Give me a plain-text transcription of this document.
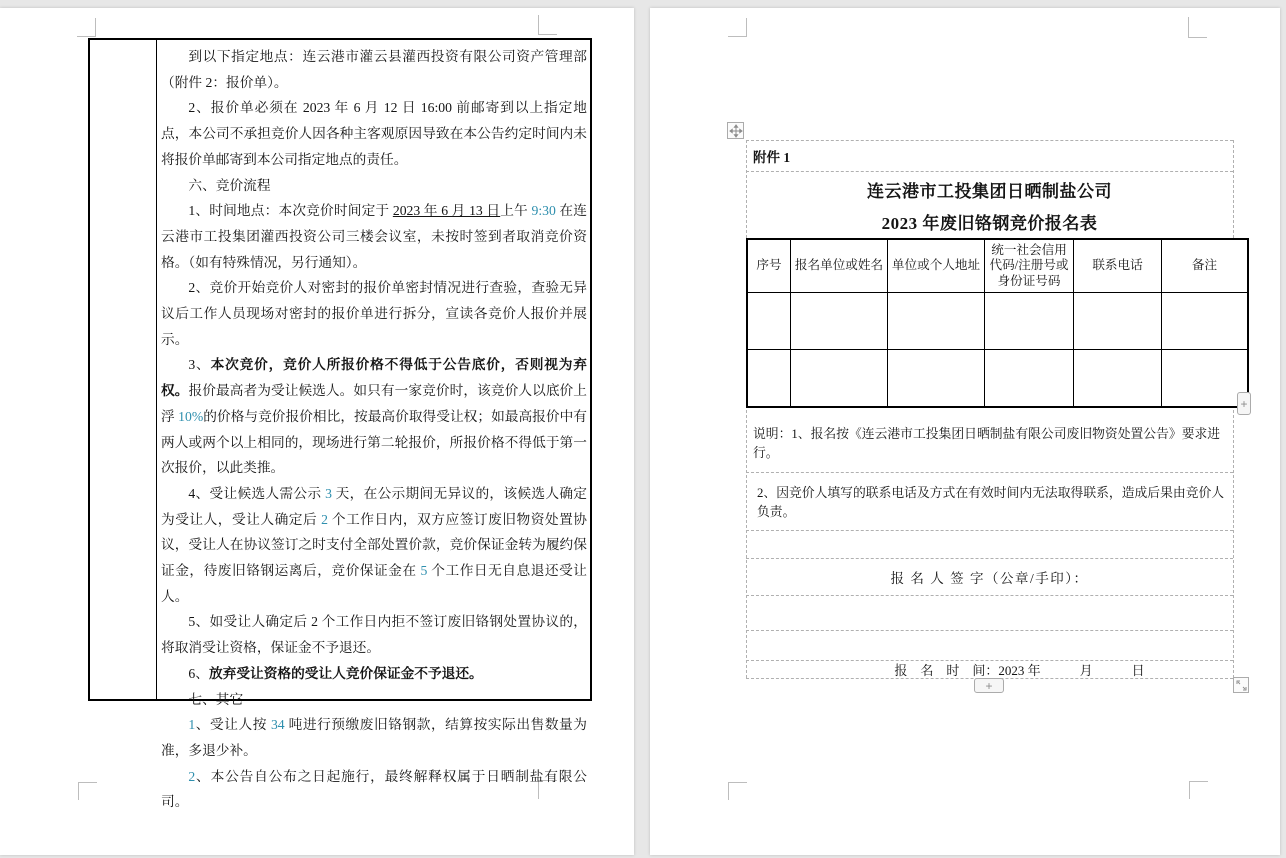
到以下指定地点：连云港市灌云县灌西投资有限公司资产管理部（附件 2：报价单）。

2、报价单必须在 2023 年 6 月 12 日 16:00 前邮寄到以上指定地点，本公司不承担竞价人因各种主客观原因导致在本公告约定时间内未将报价单邮寄到本公司指定地点的责任。

六、竞价流程

1、时间地点：本次竞价时间定于 2023 年 6 月 13 日上午 9:30 在连云港市工投集团灌西投资公司三楼会议室，未按时签到者取消竞价资格。（如有特殊情况，另行通知）。

2、竞价开始竞价人对密封的报价单密封情况进行查验，查验无异议后工作人员现场对密封的报价单进行拆分，宣读各竞价人报价并展示。

3、本次竞价，竞价人所报价格不得低于公告底价，否则视为弃权。报价最高者为受让候选人。如只有一家竞价时，该竞价人以底价上浮 10%的价格与竞价报价相比，按最高价取得受让权；如最高报价中有两人或两个以上相同的，现场进行第二轮报价，所报价格不得低于第一次报价，以此类推。

4、受让候选人需公示 3 天，在公示期间无异议的，该候选人确定为受让人，受让人确定后 2 个工作日内，双方应签订废旧物资处置协议，受让人在协议签订之时支付全部处置价款，竞价保证金转为履约保证金，待废旧铬钢运离后，竞价保证金在 5 个工作日无自息退还受让人。

5、如受让人确定后 2 个工作日内拒不签订废旧铬钢处置协议的，将取消受让资格，保证金不予退还。

6、放弃受让资格的受让人竞价保证金不予退还。

七、其它

1、受让人按 34 吨进行预缴废旧铬钢款，结算按实际出售数量为准，多退少补。

2、本公告自公布之日起施行，最终解释权属于日晒制盐有限公司。

附件 1
连云港市工投集团日晒制盐公司
2023 年废旧铬钢竞价报名表
序号	报名单位或姓名	单位或个人地址	统一社会信用代码/注册号或身份证号码	联系电话	备注

说明：1、报名按《连云港市工投集团日晒制盐有限公司废旧物资处置公告》要求进行。
2、因竞价人填写的联系电话及方式在有效时间内无法取得联系，造成后果由竞价人负责。
报 名 人 签 字（公章/手印）：
报　名　时　间：2023 年　　　月　　　日
+
+
